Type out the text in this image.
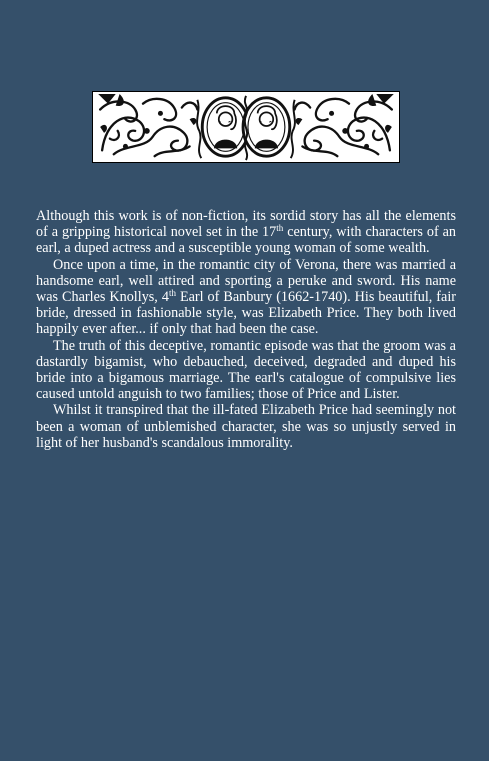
Although this work is of non-fiction, its sordid story has all the elements of a gripping historical novel set in the 17th century, with characters of an earl, a duped actress and a susceptible young woman of some wealth.

Once upon a time, in the romantic city of Verona, there was married a handsome earl, well attired and sporting a peruke and sword. His name was Charles Knollys, 4th Earl of Banbury (1662-1740). His beautiful, fair bride, dressed in fashionable style, was Elizabeth Price. They both lived happily ever after... if only that had been the case.

The truth of this deceptive, romantic episode was that the groom was a dastardly bigamist, who debauched, deceived, degraded and duped his bride into a bigamous marriage. The earl's catalogue of compulsive lies caused untold anguish to two families; those of Price and Lister.

Whilst it transpired that the ill-fated Elizabeth Price had seemingly not been a woman of unblemished character, she was so unjustly served in light of her husband's scandalous immorality.
